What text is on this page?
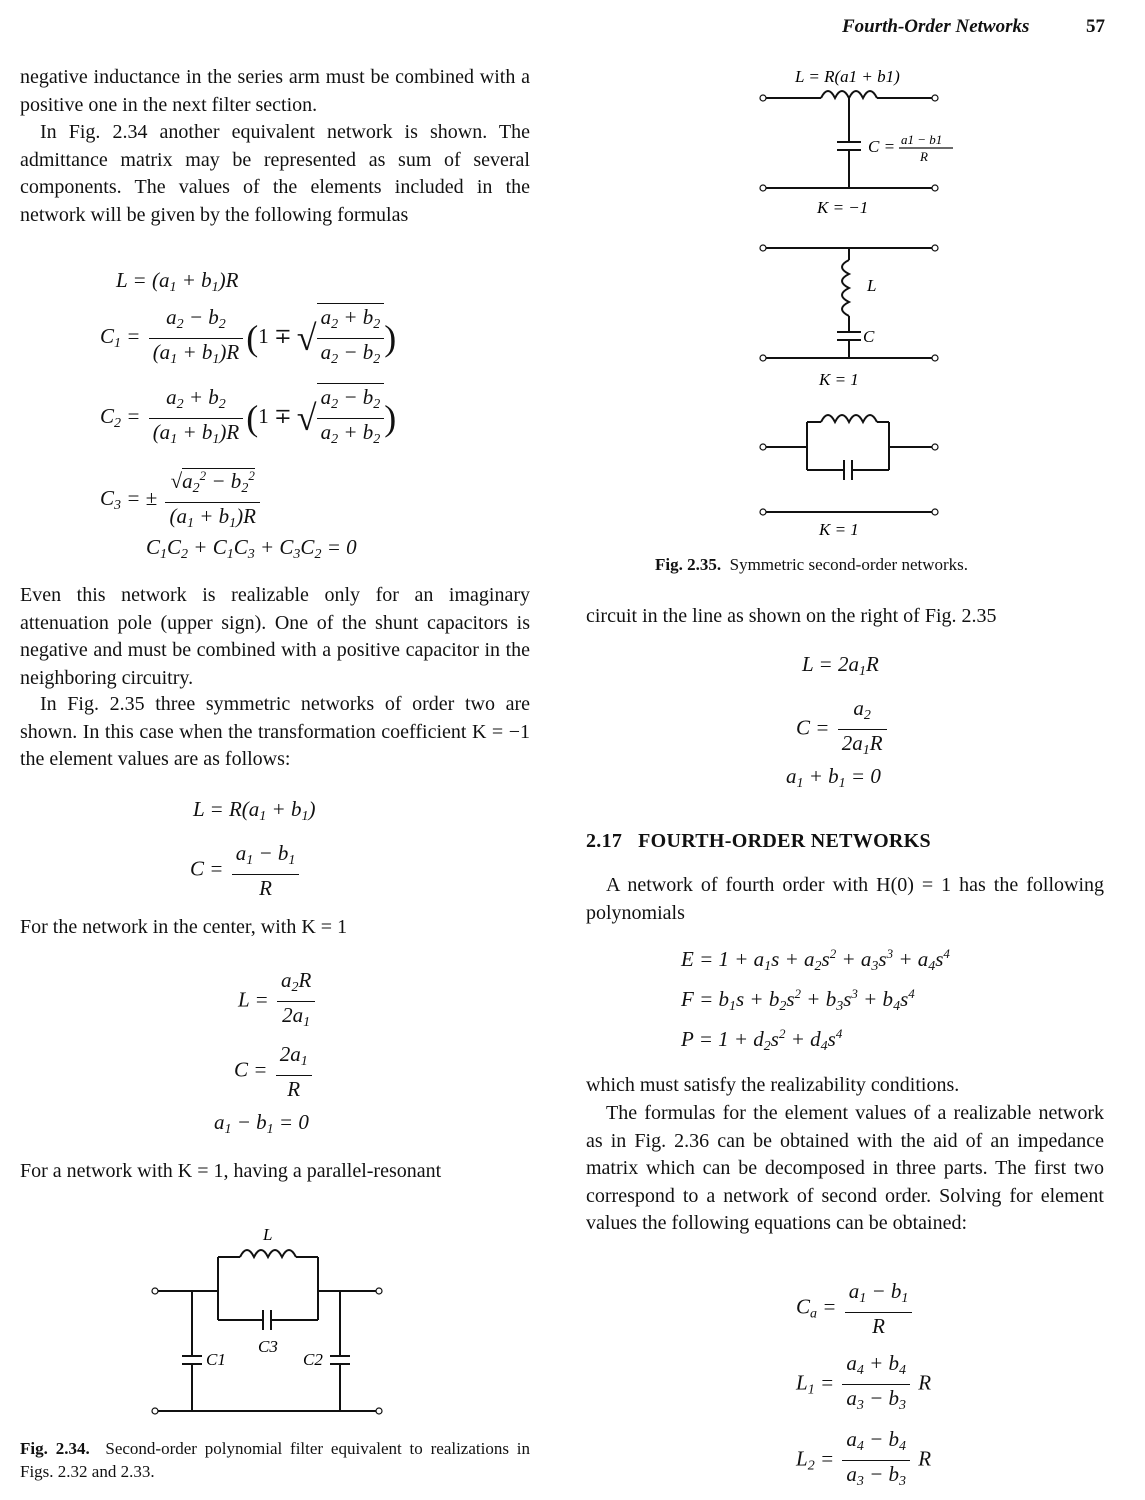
Fourth-Order Networks	57
negative inductance in the series arm must be combined with a positive one in the next filter section.
In Fig. 2.34 another equivalent network is shown. The admittance matrix may be represented as sum of several components. The values of the elements included in the network will be given by the following formulas
$L = (a_1 + b_1)R$
$C_1 = \frac{a_2 - b_2}{(a_1 + b_1)R} (1$ ∓ √ $\frac{a_2 + b_2}{a_2 - b_2}$ )
$C_2 = \frac{a_2 + b_2}{(a_1 + b_1)R} (1$ ∓ √ $\frac{a_2 - b_2}{a_2 + b_2}$ )
$C_3$ = ± $\frac{√a_2^2 - b_2^2}{(a_1 + b_1)R}$
$C_1C_2 + C_1C_3 + C_3C_2 = 0$
Even this network is realizable only for an imaginary attenuation pole (upper sign). One of the shunt capacitors is negative and must be combined with a positive capacitor in the neighboring circuitry.
In Fig. 2.35 three symmetric networks of order two are shown. In this case when the transformation coefficient K = −1 the element values are as follows:
$L = R(a_1 + b_1)$
$C = \frac{a_1 - b_1}{R}$
For the network in the center, with K = 1
$L = \frac{a_2R}{2a_1}$
$C = \frac{2a_1}{R}$
$a_1 - b_1 = 0$
For a network with K = 1, having a parallel-resonant
L
C3
C1	C2
Fig. 2.34. Second-order polynomial filter equivalent to realizations in Figs. 2.32 and 2.33.
L = R(a1 + b1)
C = a1 − b1
R
K = −1
L
C
K = 1
K = 1
Fig. 2.35. Symmetric second-order networks.
circuit in the line as shown on the right of Fig. 2.35
$L = 2a_1R$
$C = \frac{a_2}{2a_1R}$
$a_1 + b_1 = 0$
2.17 FOURTH-ORDER NETWORKS
A network of fourth order with H(0) = 1 has the following polynomials
$E = 1 + a_1s + a_2s^2 + a_3s^3 + a_4s^4$
$F = b_1s + b_2s^2 + b_3s^3 + b_4s^4$
$P = 1 + d_2s^2 + d_4s^4$
which must satisfy the realizability conditions.
The formulas for the element values of a realizable network as in Fig. 2.36 can be obtained with the aid of an impedance matrix which can be decomposed in three parts. The first two correspond to a network of second order. Solving for element values the following equations can be obtained:
$C_a = \frac{a_1 - b_1}{R}$
$L_1 = \frac{a_4 + b_4}{a_3 - b_3}$ R
$L_2 = \frac{a_4 - b_4}{a_3 - b_3}$ R
